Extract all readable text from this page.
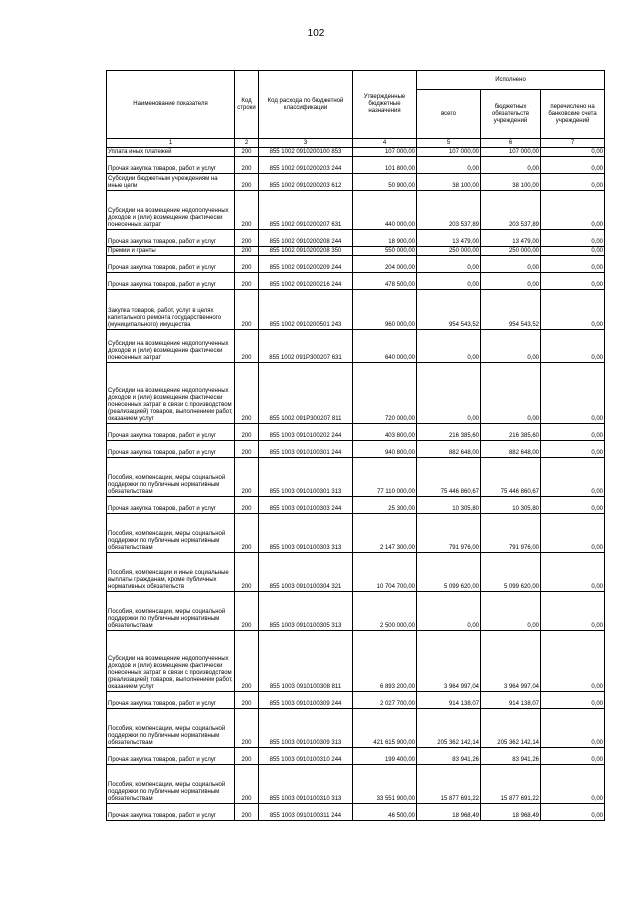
102
Наименование показателя	Код строки	Код расхода по бюджетной классификации	Утвержденные бюджетные назначения	Исполнено		
				всего	бюджетных обязательств учреждений	перечислено на банковские счета учреждений
1	2	3	4	5	6	7
Уплата иных платежей	200	855 1002 0910200100 853	107 000,00	107 000,00	107 000,00	0,00
Прочая закупка товаров, работ и услуг	200	855 1002 0910200203 244	101 800,00	0,00	0,00	0,00
Субсидии бюджетным учреждениям на иные цели	200	855 1002 0910200203 612	50 900,00	38 100,00	38 100,00	0,00
Субсидии на возмещение недополученных доходов и (или) возмещение фактически понесенных затрат	200	855 1002 0910200207 631	440 000,00	203 537,89	203 537,89	0,00
Прочая закупка товаров, работ и услуг	200	855 1002 0910200208 244	18 900,00	13 479,00	13 479,00	0,00
Премии и гранты	200	855 1002 0910200208 350	550 000,00	250 000,00	250 000,00	0,00
Прочая закупка товаров, работ и услуг	200	855 1002 0910200209 244	204 000,00	0,00	0,00	0,00
Прочая закупка товаров, работ и услуг	200	855 1002 0910200216 244	478 500,00	0,00	0,00	0,00
Закупка товаров, работ, услуг в целях капитального ремонта государственного (муниципального) имущества	200	855 1002 0910200501 243	960 000,00	954 543,52	954 543,52	0,00
Субсидии на возмещение недополученных доходов и (или) возмещение фактически понесенных затрат	200	855 1002 091P300207 631	640 000,00	0,00	0,00	0,00
Субсидии на возмещение недополученных доходов и (или) возмещение фактически понесенных затрат в связи с производством (реализацией) товаров, выполнением работ, оказанием услуг	200	855 1002 091P300207 811	720 000,00	0,00	0,00	0,00
Прочая закупка товаров, работ и услуг	200	855 1003 0910100202 244	403 800,00	216 385,60	216 385,60	0,00
Прочая закупка товаров, работ и услуг	200	855 1003 0910100301 244	940 800,00	882 648,00	882 648,00	0,00
Пособия, компенсации, меры социальной поддержки по публичным нормативным обязательствам	200	855 1003 0910100301 313	77 110 000,00	75 446 860,67	75 446 860,67	0,00
Прочая закупка товаров, работ и услуг	200	855 1003 0910100303 244	25 300,00	10 305,80	10 305,80	0,00
Пособия, компенсации, меры социальной поддержки по публичным нормативным обязательствам	200	855 1003 0910100303 313	2 147 300,00	791 976,00	791 976,00	0,00
Пособия, компенсации и иные социальные выплаты гражданам, кроме публичных нормативных обязательств	200	855 1003 0910100304 321	10 704 700,00	5 099 620,00	5 099 620,00	0,00
Пособия, компенсации, меры социальной поддержки по публичным нормативным обязательствам	200	855 1003 0910100305 313	2 500 000,00	0,00	0,00	0,00
Субсидии на возмещение недополученных доходов и (или) возмещение фактически понесенных затрат в связи с производством (реализацией) товаров, выполнением работ, оказанием услуг	200	855 1003 0910100308 811	6 893 200,00	3 964 997,04	3 964 997,04	0,00
Прочая закупка товаров, работ и услуг	200	855 1003 0910100309 244	2 027 700,00	914 138,07	914 138,07	0,00
Пособия, компенсации, меры социальной поддержки по публичным нормативным обязательствам	200	855 1003 0910100309 313	421 615 900,00	205 362 142,14	205 362 142,14	0,00
Прочая закупка товаров, работ и услуг	200	855 1003 0910100310 244	199 400,00	83 941,26	83 941,26	0,00
Пособия, компенсации, меры социальной поддержки по публичным нормативным обязательствам	200	855 1003 0910100310 313	33 551 900,00	15 877 691,22	15 877 691,22	0,00
Прочая закупка товаров, работ и услуг	200	855 1003 0910100311 244	46 500,00	18 968,49	18 968,49	0,00
